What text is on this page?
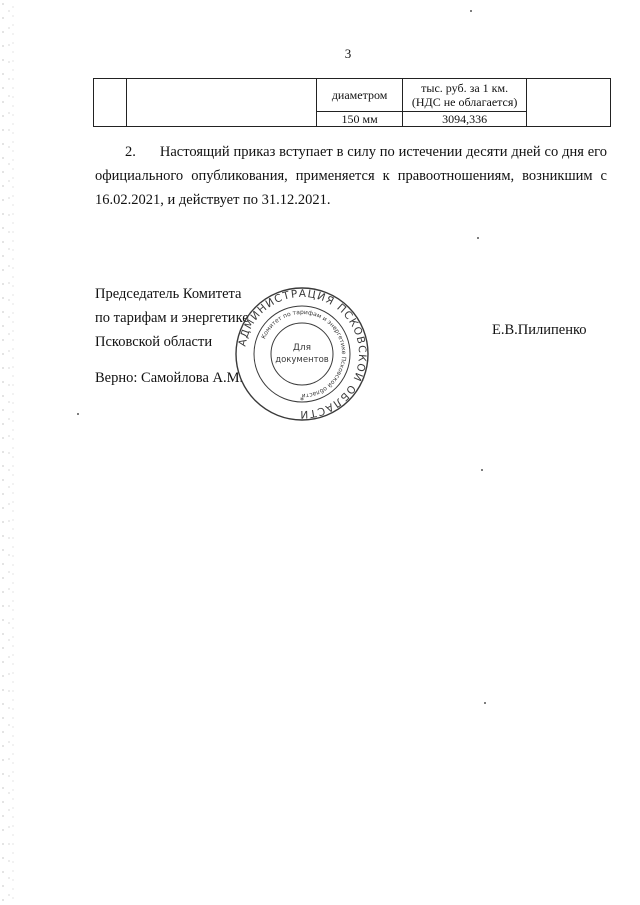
3
		диаметром	тыс. руб. за 1 км.
(НДС не облагается)	

		150 мм	3094,336	
2. Настоящий приказ вступает в силу по истечении десяти дней со дня его официального опубликования, применяется к правоотношениям, возникшим с 16.02.2021, и действует по 31.12.2021.
Председатель Комитета
по тарифам и энергетике
Псковской области
Е.В.Пилипенко
Верно: Самойлова А.М.
АДМИНИСТРАЦИЯ ПСКОВСКОЙ ОБЛАСТИ
Комитет по тарифам и энергетике Псковской области
Для
документов
*
